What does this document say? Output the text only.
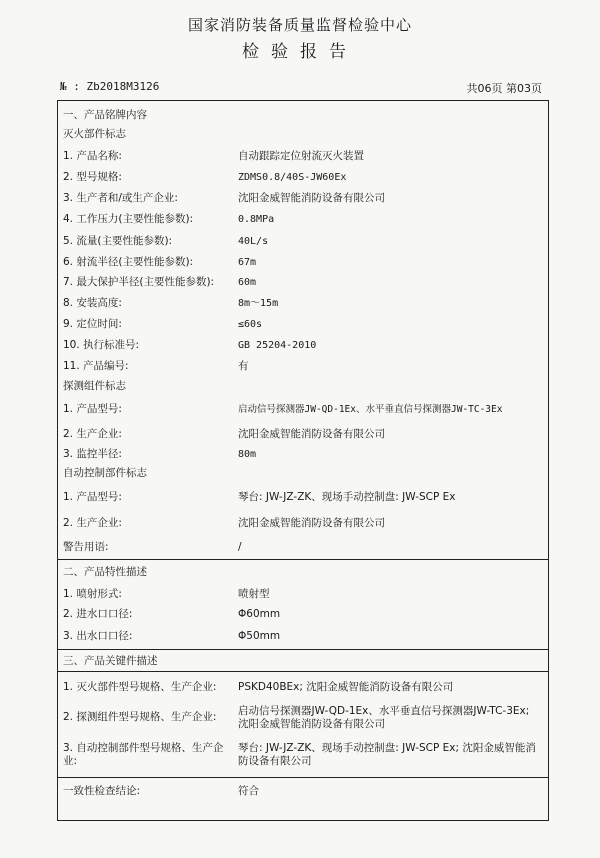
国家消防装备质量监督检验中心
检验报告
№ : Zb2018M3126	共06页 第03页
一、产品铭牌内容
灭火部件标志
1. 产品名称:	自动跟踪定位射流灭火装置
2. 型号规格:	ZDMS0.8/40S-JW60Ex
3. 生产者和/或生产企业:	沈阳金威智能消防设备有限公司
4. 工作压力(主要性能参数):	0.8MPa
5. 流量(主要性能参数):	40L/s
6. 射流半径(主要性能参数):	67m
7. 最大保护半径(主要性能参数): 60m
8. 安装高度:	8m～15m
9. 定位时间:	≤60s
10. 执行标准号:	GB 25204-2010
11. 产品编号:	有
探测组件标志
1. 产品型号:	启动信号探测器JW-QD-1Ex、水平垂直信号探测器JW-TC-3Ex
2. 生产企业:	沈阳金威智能消防设备有限公司
3. 监控半径:	80m
自动控制部件标志
1. 产品型号:	琴台: JW-JZ-ZK、现场手动控制盘: JW-SCP Ex
2. 生产企业:	沈阳金威智能消防设备有限公司
警告用语:	/
二、产品特性描述
1. 喷射形式:	喷射型
2. 进水口口径:	Φ60mm
3. 出水口口径:	Φ50mm
三、产品关键件描述
1. 灭火部件型号规格、生产企业: PSKD40BEx; 沈阳金威智能消防设备有限公司
2. 探测组件型号规格、生产企业: 启动信号探测器JW-QD-1Ex、水平垂直信号探测器JW-TC-3Ex; 沈阳金威智能消防设备有限公司
3. 自动控制部件型号规格、生产企业:
琴台: JW-JZ-ZK、现场手动控制盘: JW-SCP Ex; 沈阳金威智能消防设备有限公司
一致性检查结论:	符合
